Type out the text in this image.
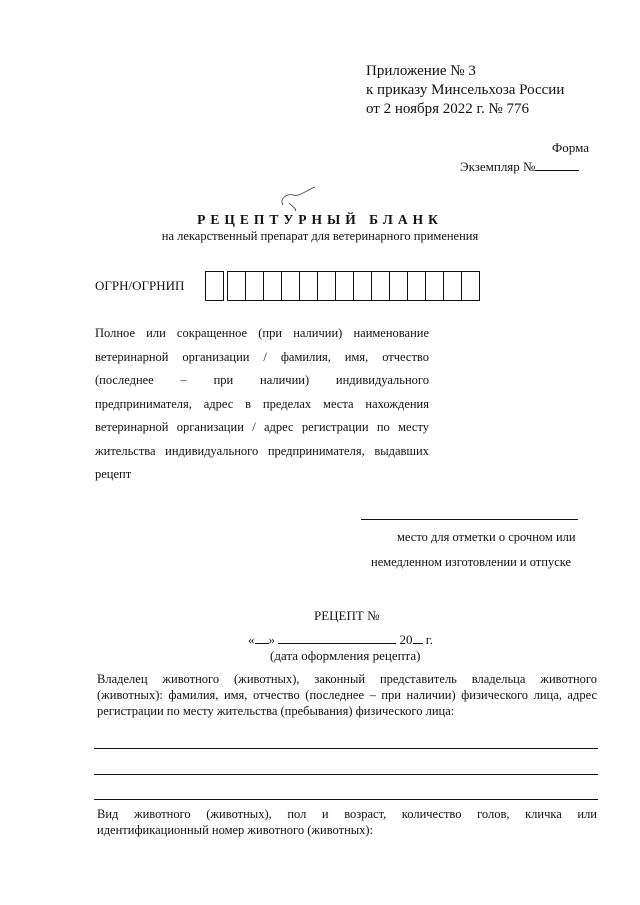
Приложение № 3
к приказу Минсельхоза России
от 2 ноября 2022 г. № 776
Форма
Экземпляр №
РЕЦЕПТУРНЫЙ БЛАНК
на лекарственный препарат для ветеринарного применения
ОГРН/ОГРНИП

Полное или сокращенное (при наличии) наименование

ветеринарной организации / фамилия, имя, отчество

(последнее – при наличии) индивидуального

предпринимателя, адрес в пределах места нахождения

ветеринарной организации / адрес регистрации по месту

жительства индивидуального предпринимателя, выдавших

рецепт

место для отметки о срочном или
немедленном изготовлении и отпуске
РЕЦЕПТ №
« »	20 г.
(дата оформления рецепта)

Владелец животного (животных), законный представитель владельца животного

(животных): фамилия, имя, отчество (последнее – при наличии) физического лица, адрес

регистрации по месту жительства (пребывания) физического лица:

Вид животного (животных), пол и возраст, количество голов, кличка или

идентификационный номер животного (животных):
